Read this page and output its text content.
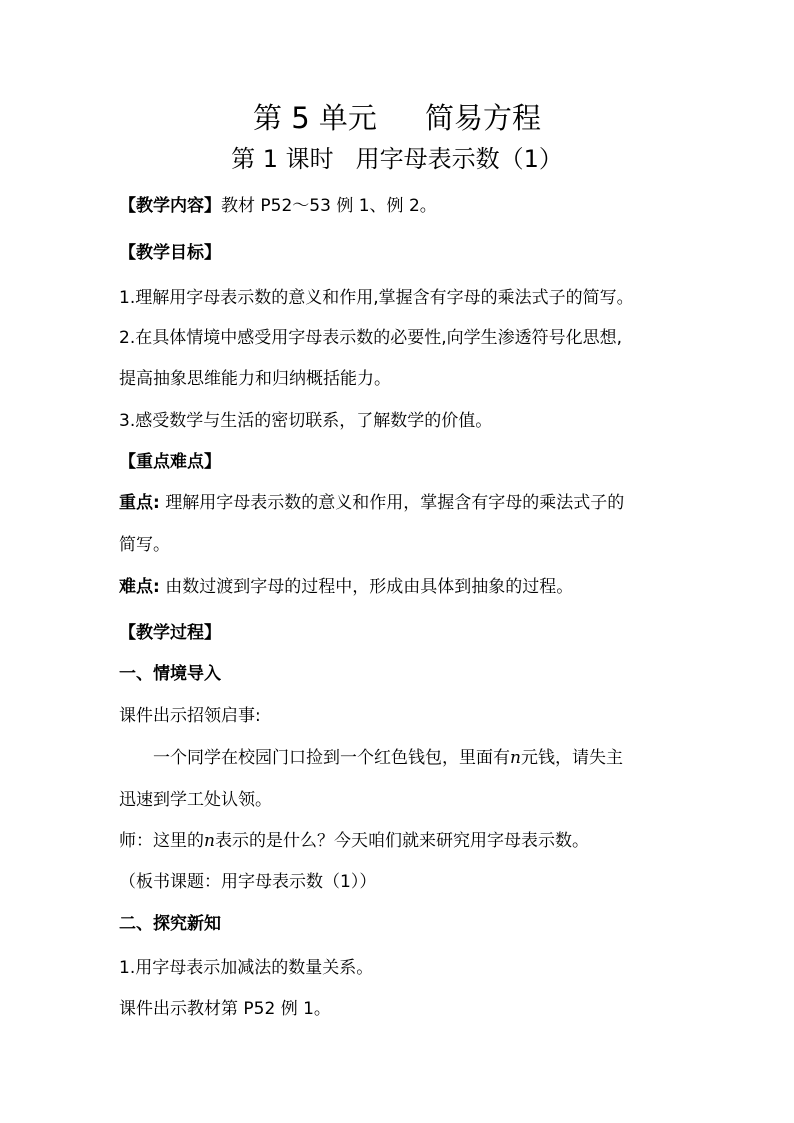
第 5 单元 简易方程
第 1 课时 用字母表示数（1）
【教学内容】教材 P52～53 例 1、例 2。
【教学目标】
1.理解用字母表示数的意义和作用,掌握含有字母的乘法式子的简写。
2.在具体情境中感受用字母表示数的必要性,向学生渗透符号化思想,
提高抽象思维能力和归纳概括能力。
3.感受数学与生活的密切联系，了解数学的价值。
【重点难点】
重点: 理解用字母表示数的意义和作用，掌握含有字母的乘法式子的
简写。
难点: 由数过渡到字母的过程中，形成由具体到抽象的过程。
【教学过程】
一、情境导入
课件出示招领启事:
一个同学在校园门口捡到一个红色钱包，里面有n元钱，请失主
迅速到学工处认领。
师：这里的n表示的是什么？今天咱们就来研究用字母表示数。
（板书课题：用字母表示数（1））
二、探究新知
1.用字母表示加减法的数量关系。
课件出示教材第 P52 例 1。
